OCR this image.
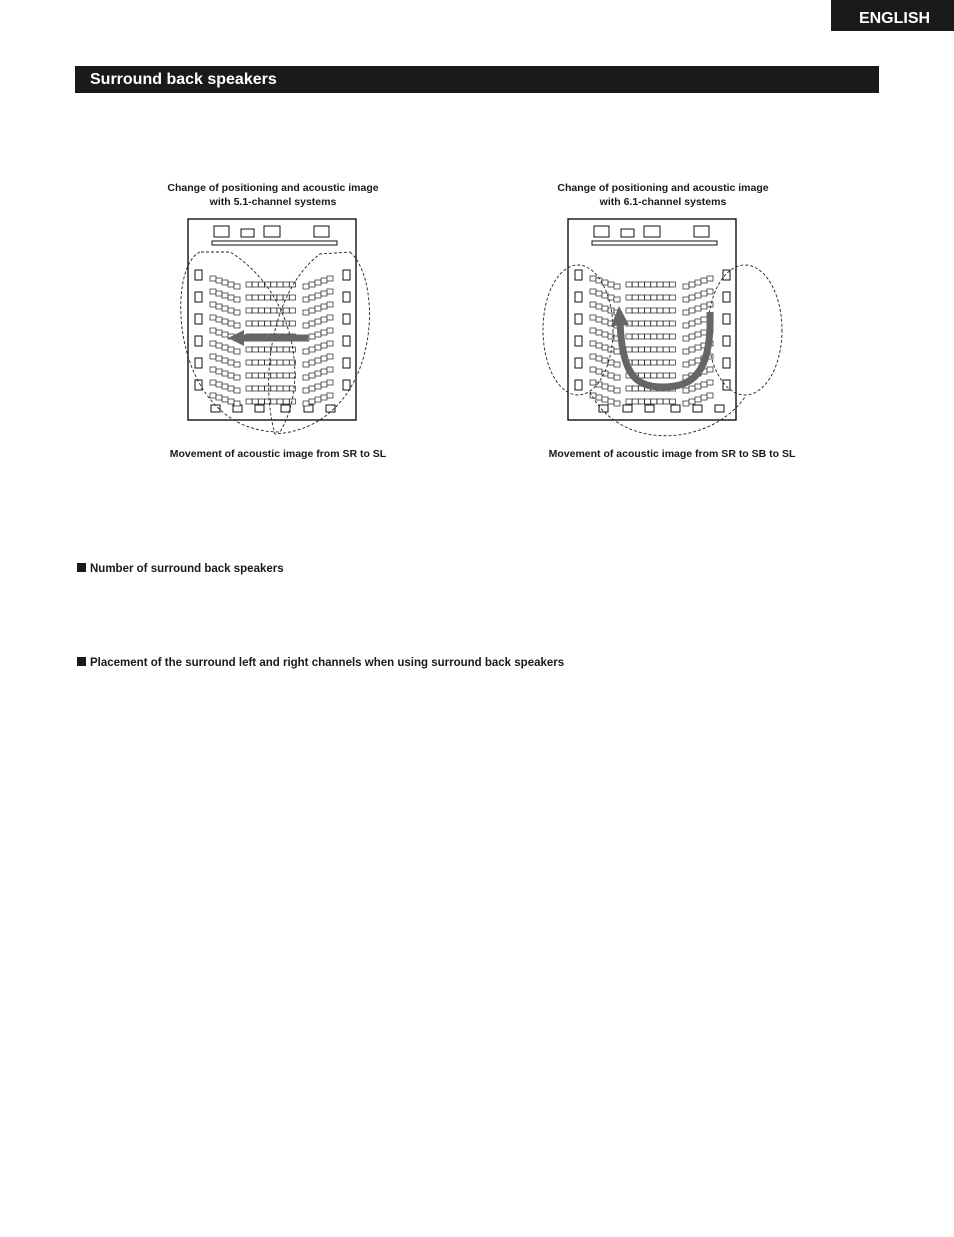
ENGLISH
Surround back speakers
Change of positioning and acoustic image
with 5.1-channel systems
Movement of acoustic image from SR to SL
Change of positioning and acoustic image
with 6.1-channel systems
Movement of acoustic image from SR to SB to SL
Number of surround back speakers
Placement of the surround left and right channels when using surround back speakers
